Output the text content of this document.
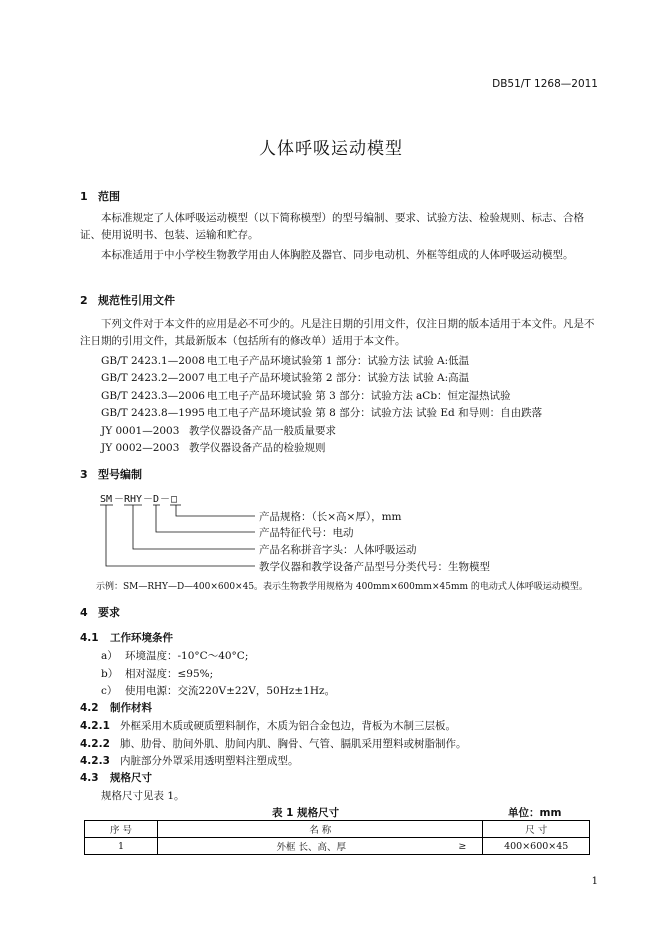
DB51/T 1268—2011
人体呼吸运动模型
1 范围
本标准规定了人体呼吸运动模型（以下简称模型）的型号编制、要求、试验方法、检验规则、标志、合格证、使用说明书、包装、运输和贮存。
本标准适用于中小学校生物教学用由人体胸腔及器官、同步电动机、外框等组成的人体呼吸运动模型。
2 规范性引用文件
下列文件对于本文件的应用是必不可少的。凡是注日期的引用文件，仅注日期的版本适用于本文件。凡是不注日期的引用文件，其最新版本（包括所有的修改单）适用于本文件。
GB/T 2423.1—2008 电工电子产品环境试验第 1 部分：试验方法 试验 A:低温
GB/T 2423.2—2007 电工电子产品环境试验第 2 部分：试验方法 试验 A:高温
GB/T 2423.3—2006 电工电子产品环境试验 第 3 部分：试验方法 aCb：恒定湿热试验
GB/T 2423.8—1995 电工电子产品环境试验 第 8 部分：试验方法 试验 Ed 和导则：自由跌落
JY 0001—2003 教学仪器设备产品一般质量要求
JY 0002—2003 教学仪器设备产品的检验规则
3 型号编制
SM － RHY － D － □
产品规格：（长×高×厚），mm
产品特征代号：电动
产品名称拼音字头：人体呼吸运动
教学仪器和教学设备产品型号分类代号：生物模型
示例：SM—RHY—D—400×600×45。表示生物教学用规格为 400mm×600mm×45mm 的电动式人体呼吸运动模型。
4 要求
4.1 工作环境条件
a） 环境温度：-10°C～40°C;
b） 相对湿度：≤95%;
c） 使用电源：交流220V±22V，50Hz±1Hz。
4.2 制作材料
4.2.1 外框采用木质或硬质塑料制作，木质为铝合金包边，背板为木制三层板。
4.2.2 肺、肋骨、肋间外肌、肋间内肌、胸骨、气管、膈肌采用塑料或树脂制作。
4.2.3 内脏部分外罩采用透明塑料注塑成型。
4.3 规格尺寸
规格尺寸见表 1。
表 1 规格尺寸	单位：mm
序 号	名 称		尺 寸
1	外框 长、高、厚	≥	400×600×45
1
